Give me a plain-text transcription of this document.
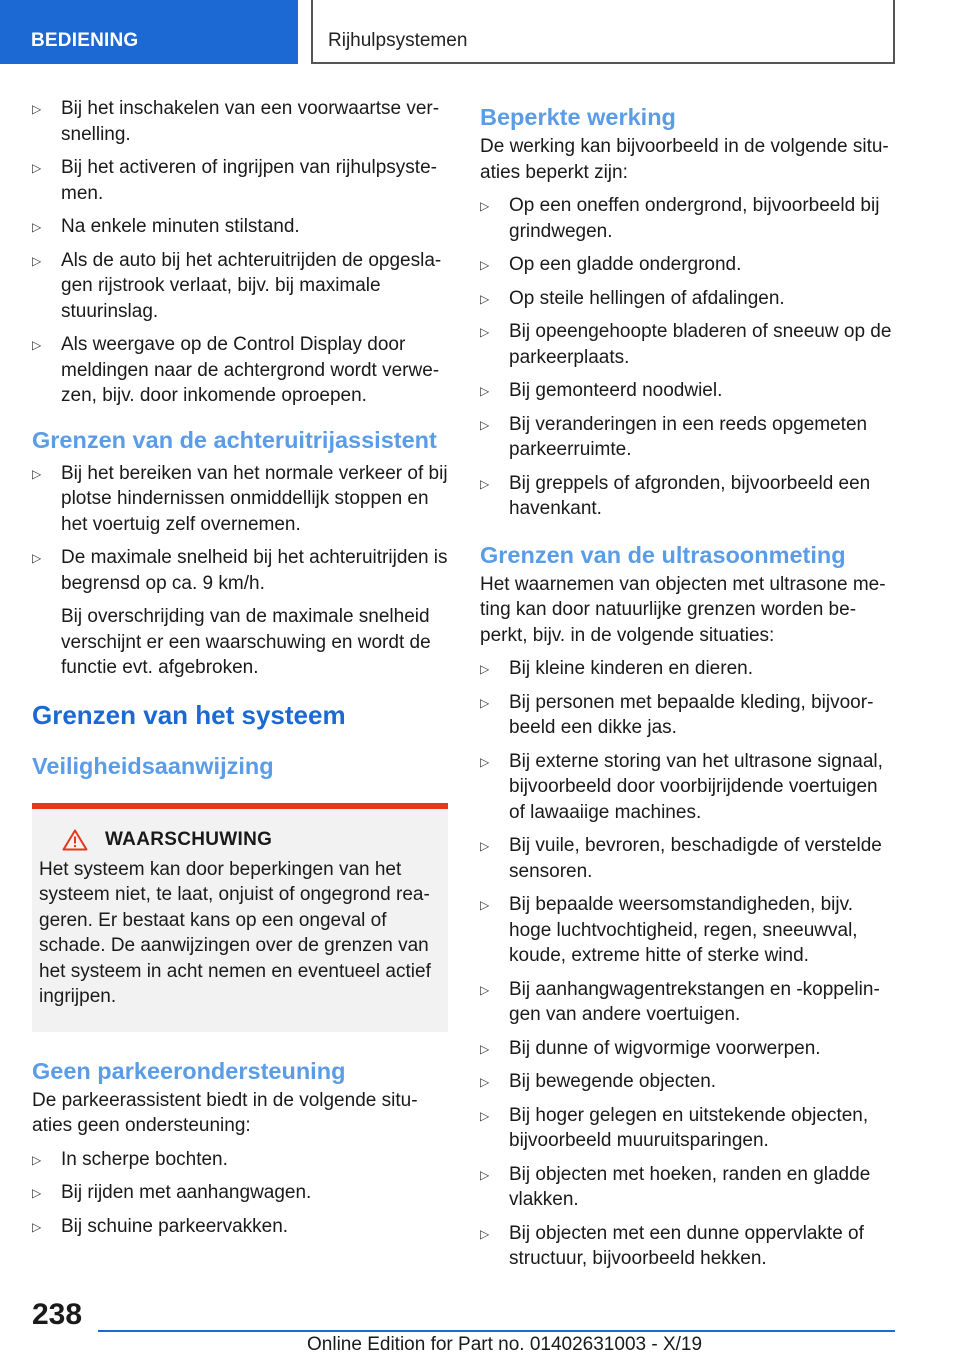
BEDIENING	Rijhulpsystemen
▷ Bij het inschakelen van een voorwaartse versnelling.
▷ Bij het activeren of ingrijpen van rijhulpsystemen.
▷ Na enkele minuten stilstand.
▷ Als de auto bij het achteruitrijden de opgeslagen rijstrook verlaat, bijv. bij maximale stuurinslag.
▷ Als weergave op de Control Display door meldingen naar de achtergrond wordt verwezen, bijv. door inkomende oproepen.
Grenzen van de achteruitrijassistent
▷ Bij het bereiken van het normale verkeer of bij plotse hindernissen onmiddellijk stoppen en het voertuig zelf overnemen.
▷ De maximale snelheid bij het achteruitrijden is begrensd op ca. 9 km/h.

Bij overschrijding van de maximale snelheid verschijnt er een waarschuwing en wordt de functie evt. afgebroken.

Grenzen van het systeem
Veiligheidsaanwijzing
WAARSCHUWING

Het systeem kan door beperkingen van het systeem niet, te laat, onjuist of ongegrond reageren. Er bestaat kans op een ongeval of schade. De aanwijzingen over de grenzen van het systeem in acht nemen en eventueel actief ingrijpen.

Geen parkeerondersteuning

De parkeerassistent biedt in de volgende situaties geen ondersteuning:

▷ In scherpe bochten.
▷ Bij rijden met aanhangwagen.
▷ Bij schuine parkeervakken.
Beperkte werking

De werking kan bijvoorbeeld in de volgende situaties beperkt zijn:

▷ Op een oneffen ondergrond, bijvoorbeeld bij grindwegen.
▷ Op een gladde ondergrond.
▷ Op steile hellingen of afdalingen.
▷ Bij opeengehoopte bladeren of sneeuw op de parkeerplaats.
▷ Bij gemonteerd noodwiel.
▷ Bij veranderingen in een reeds opgemeten parkeerruimte.
▷ Bij greppels of afgronden, bijvoorbeeld een havenkant.
Grenzen van de ultrasoonmeting

Het waarnemen van objecten met ultrasone meting kan door natuurlijke grenzen worden beperkt, bijv. in de volgende situaties:

▷ Bij kleine kinderen en dieren.
▷ Bij personen met bepaalde kleding, bijvoorbeeld een dikke jas.
▷ Bij externe storing van het ultrasone signaal, bijvoorbeeld door voorbijrijdende voertuigen of lawaaiige machines.
▷ Bij vuile, bevroren, beschadigde of verstelde sensoren.
▷ Bij bepaalde weersomstandigheden, bijv. hoge luchtvochtigheid, regen, sneeuwval, koude, extreme hitte of sterke wind.
▷ Bij aanhangwagentrekstangen en -koppelingen van andere voertuigen.
▷ Bij dunne of wigvormige voorwerpen.
▷ Bij bewegende objecten.
▷ Bij hoger gelegen en uitstekende objecten, bijvoorbeeld muuruitsparingen.
▷ Bij objecten met hoeken, randen en gladde vlakken.
▷ Bij objecten met een dunne oppervlakte of structuur, bijvoorbeeld hekken.
238
Online Edition for Part no. 01402631003 - X/19
